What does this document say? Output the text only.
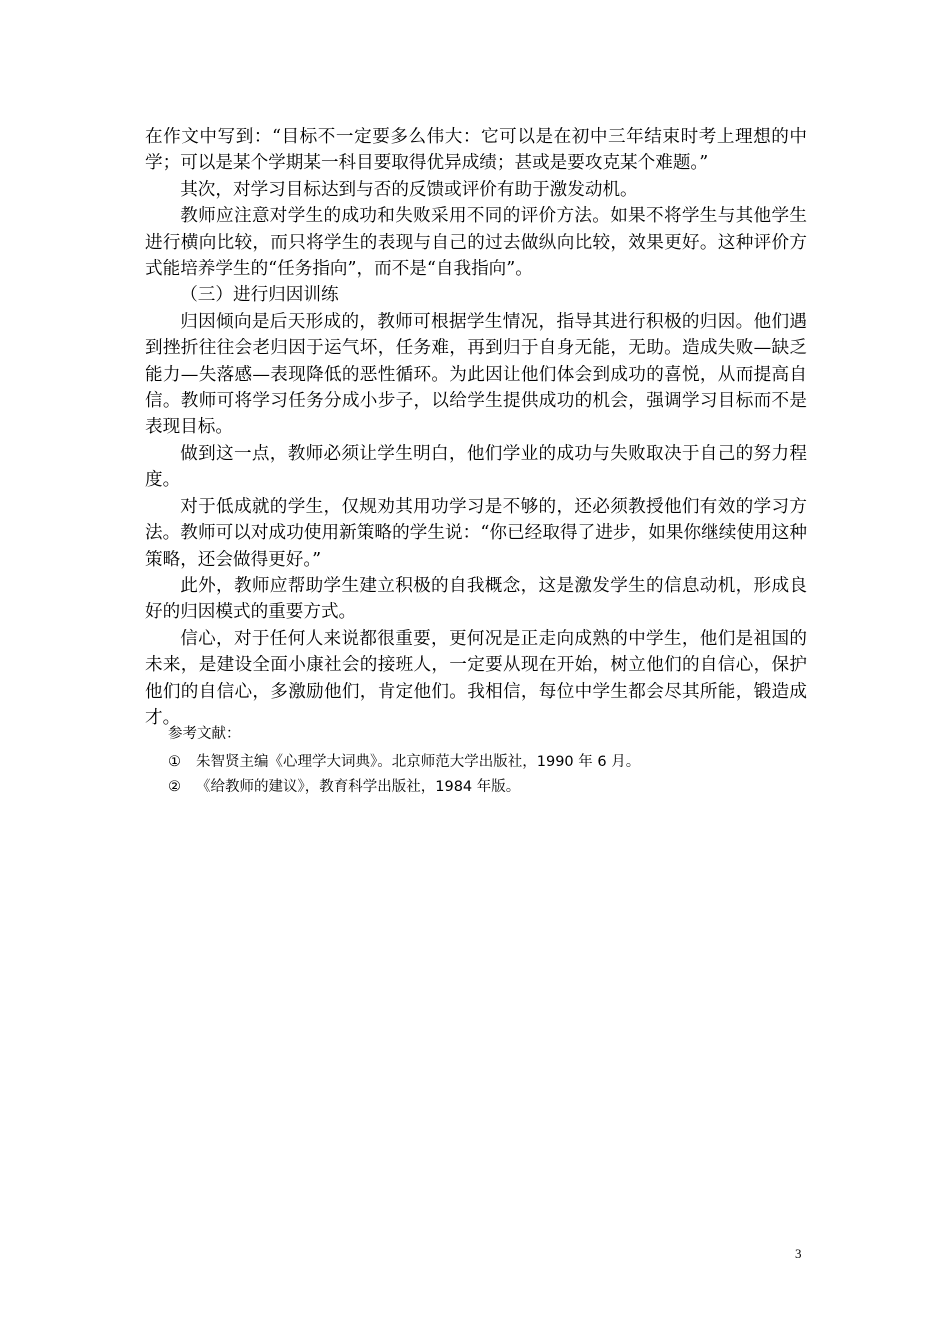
在作文中写到：“目标不一定要多么伟大：它可以是在初中三年结束时考上理想的中学；可以是某个学期某一科目要取得优异成绩；甚或是要攻克某个难题。”

其次，对学习目标达到与否的反馈或评价有助于激发动机。

教师应注意对学生的成功和失败采用不同的评价方法。如果不将学生与其他学生进行横向比较，而只将学生的表现与自己的过去做纵向比较，效果更好。这种评价方式能培养学生的“任务指向”，而不是“自我指向”。

（三）进行归因训练

归因倾向是后天形成的，教师可根据学生情况，指导其进行积极的归因。他们遇到挫折往往会老归因于运气坏，任务难，再到归于自身无能，无助。造成失败—缺乏能力—失落感—表现降低的恶性循环。为此因让他们体会到成功的喜悦，从而提高自信。教师可将学习任务分成小步子，以给学生提供成功的机会，强调学习目标而不是表现目标。

做到这一点，教师必须让学生明白，他们学业的成功与失败取决于自己的努力程度。

对于低成就的学生，仅规劝其用功学习是不够的，还必须教授他们有效的学习方法。教师可以对成功使用新策略的学生说：“你已经取得了进步，如果你继续使用这种策略，还会做得更好。”

此外，教师应帮助学生建立积极的自我概念，这是激发学生的信息动机，形成良好的归因模式的重要方式。

信心，对于任何人来说都很重要，更何况是正走向成熟的中学生，他们是祖国的未来，是建设全面小康社会的接班人，一定要从现在开始，树立他们的自信心，保护他们的自信心，多激励他们，肯定他们。我相信，每位中学生都会尽其所能，锻造成才。

参考文献：

① 朱智贤主编《心理学大词典》。北京师范大学出版社，1990 年 6 月。

② 《给教师的建议》，教育科学出版社，1984 年版。

3
